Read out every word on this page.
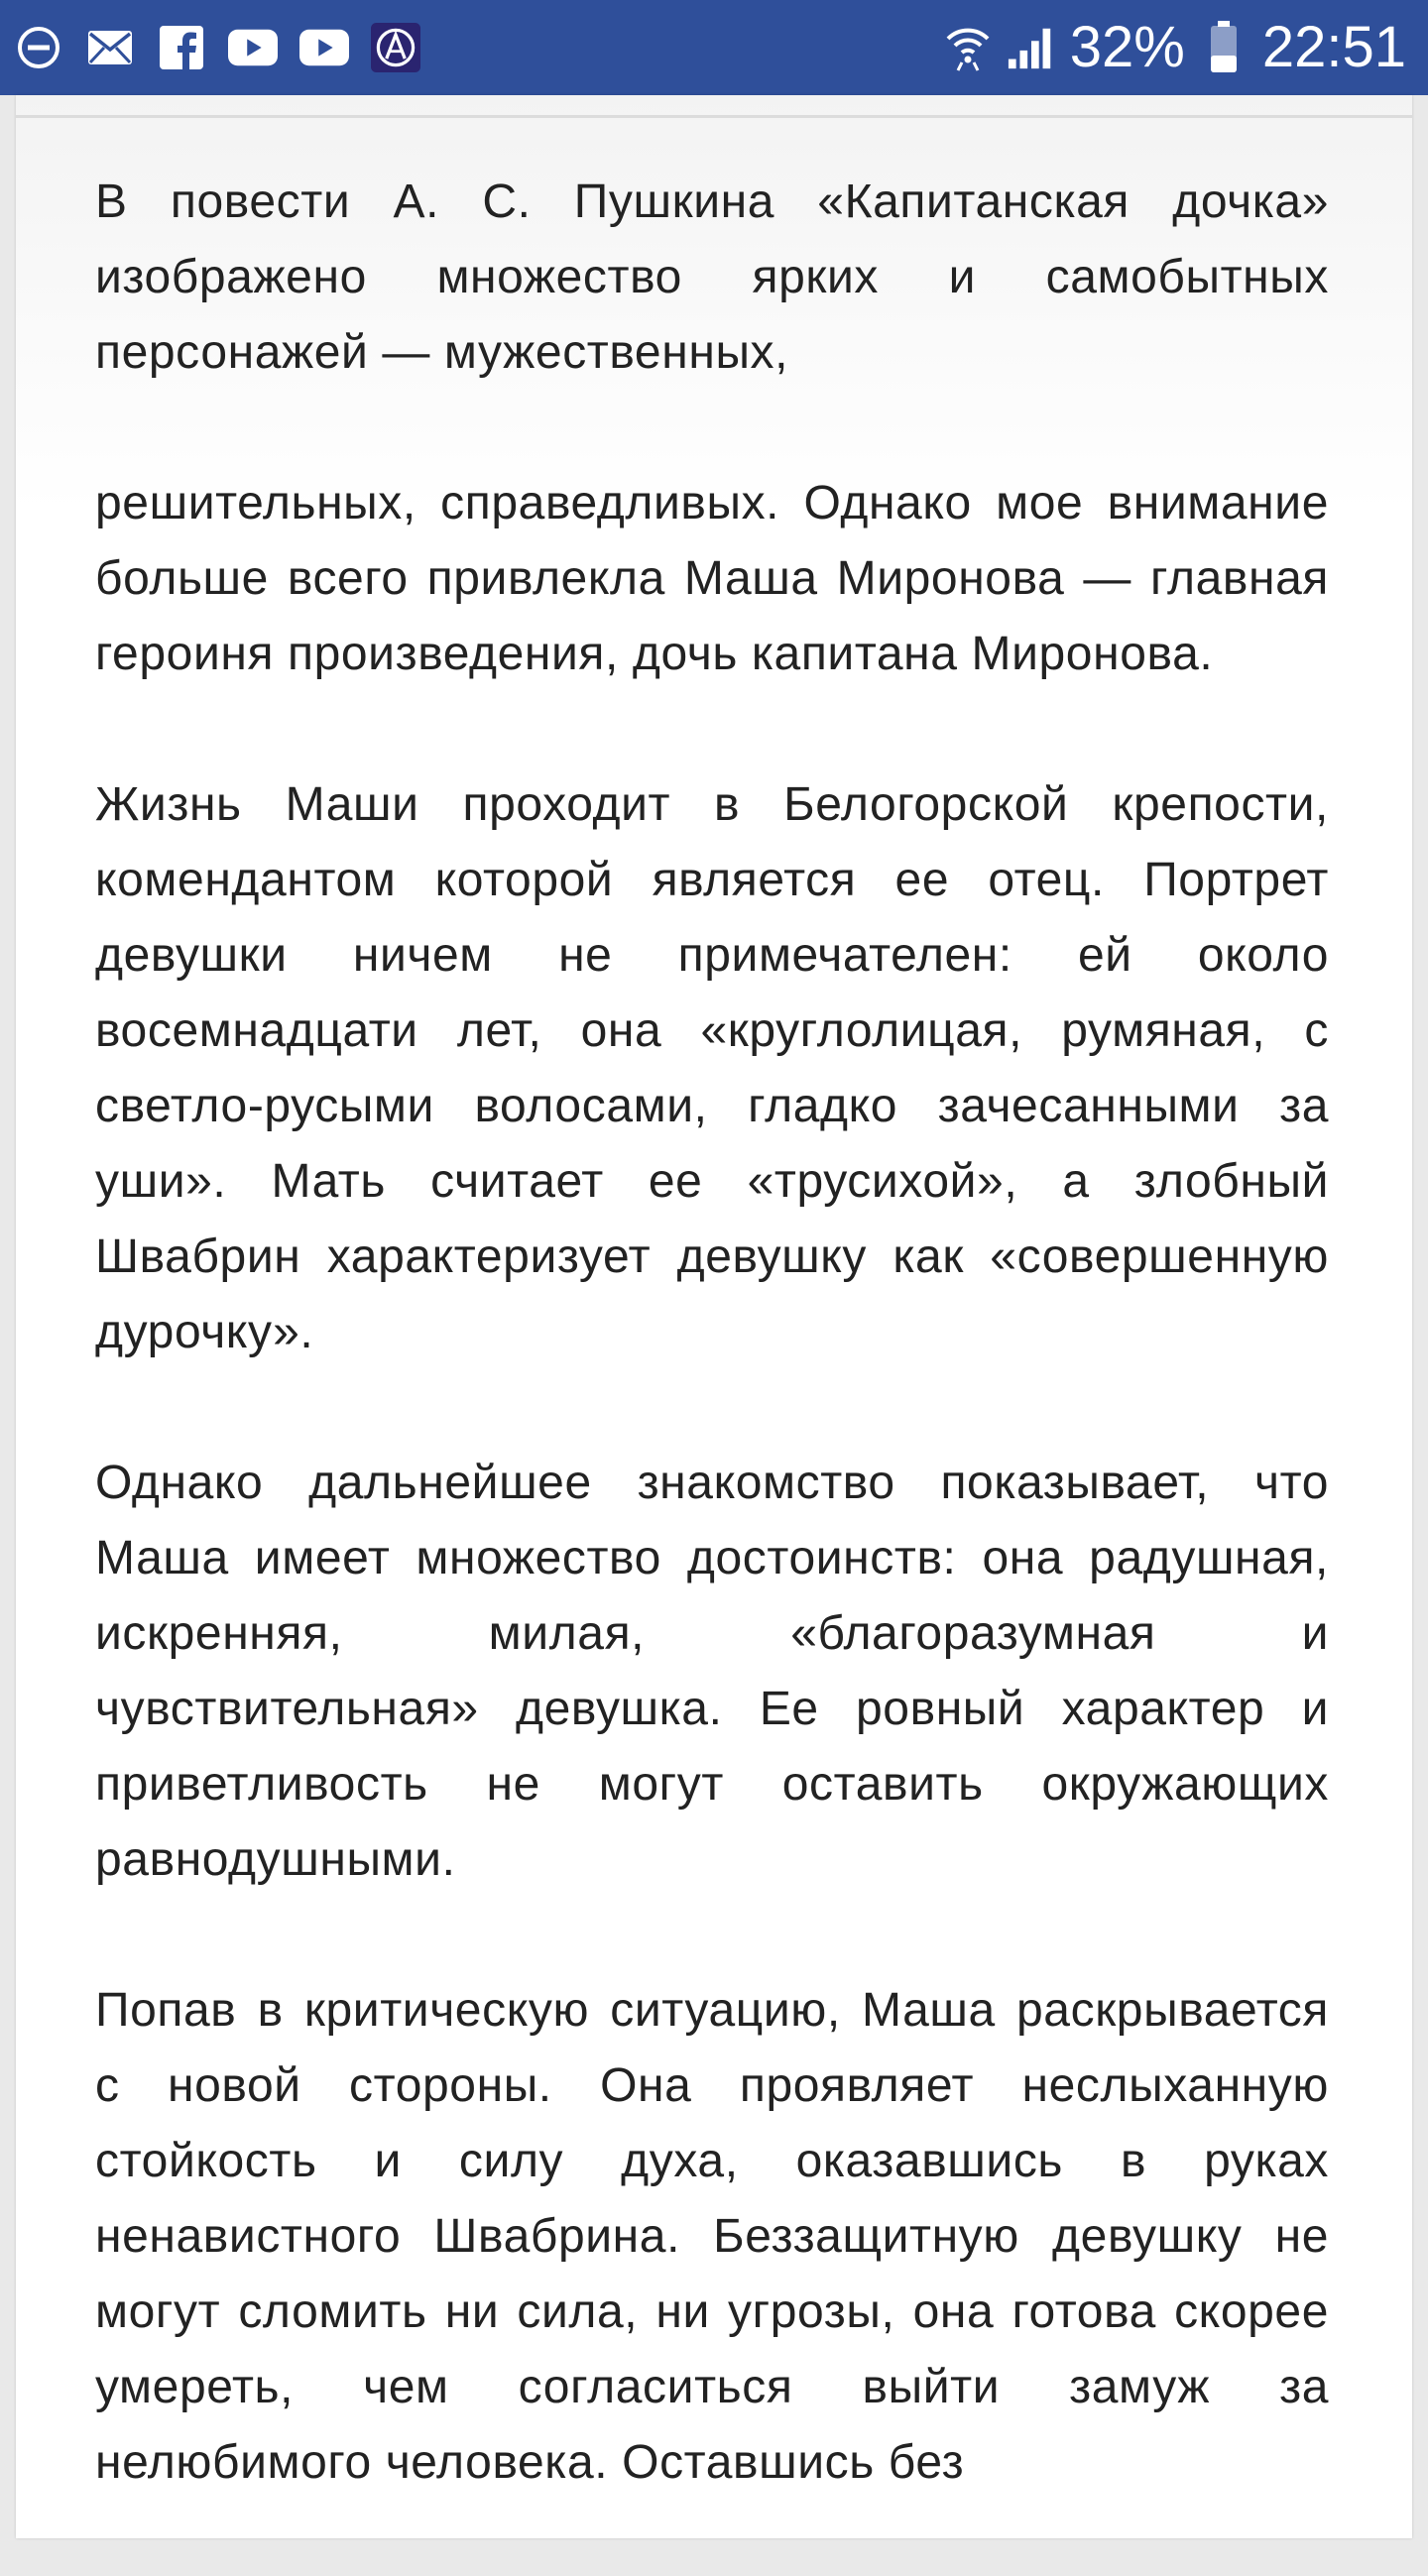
32% 22:51

В повести А. С. Пушкина «Капитанская дочка» изображено множество ярких и самобытных персонажей — мужественных,

решительных, справедливых. Однако мое внимание больше всего привлекла Маша Миронова — главная героиня произведения, дочь капитана Миронова.

Жизнь Маши проходит в Белогорской крепости, комендантом которой является ее отец. Портрет девушки ничем не примечателен: ей около восемнадцати лет, она «круглолицая, румяная, с светло-русыми волосами, гладко зачесанными за уши». Мать считает ее «трусихой», а злобный Швабрин характеризует девушку как «совершенную дурочку».

Однако дальнейшее знакомство показывает, что Маша имеет множество достоинств: она радушная, искренняя, милая, «благоразумная и чувствительная» девушка. Ее ровный характер и приветливость не могут оставить окружающих равнодушными.

Попав в критическую ситуацию, Маша раскрывается с новой стороны. Она проявляет неслыханную стойкость и силу духа, оказавшись в руках ненавистного Швабрина. Беззащитную девушку не могут сломить ни сила, ни угрозы, она готова скорее умереть, чем согласиться выйти замуж за нелюбимого человека. Оставшись без
